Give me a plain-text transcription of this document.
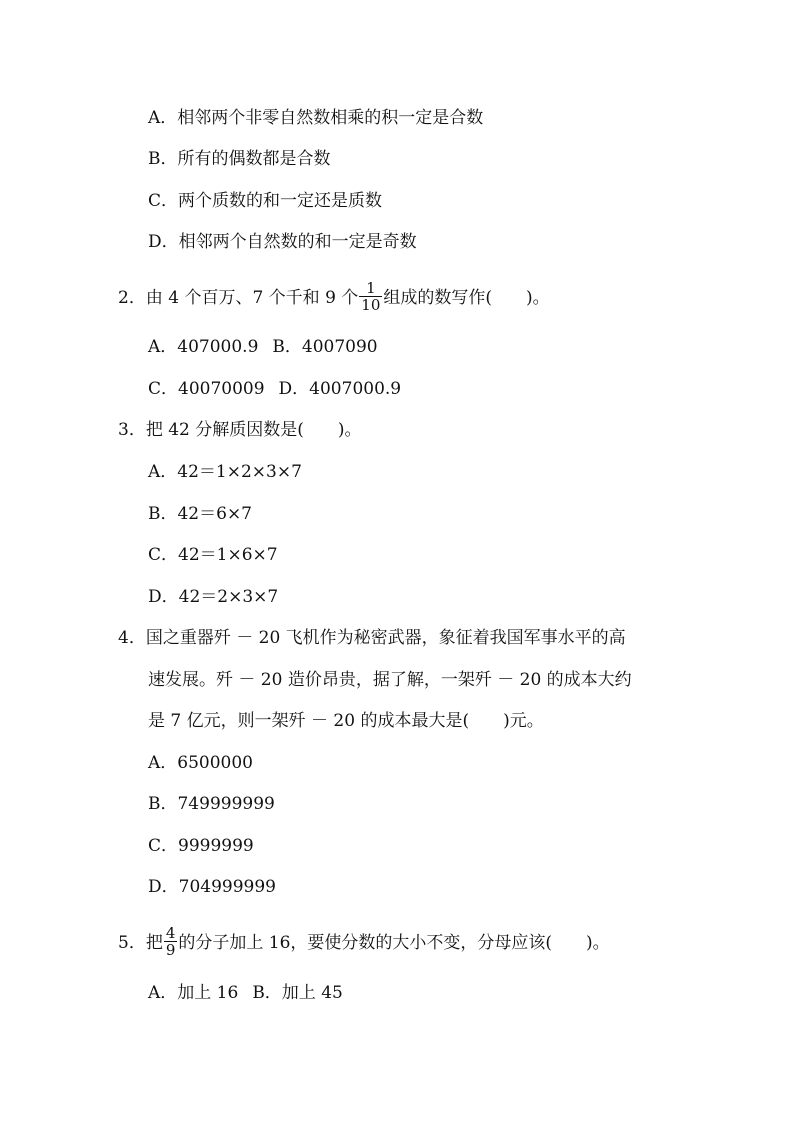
A．相邻两个非零自然数相乘的积一定是合数
B．所有的偶数都是合数
C．两个质数的和一定还是质数
D．相邻两个自然数的和一定是奇数
2．由 4 个百万、7 个千和 9 个 $\frac{1}{10}$ 组成的数写作(　　)。
A．407000.9 B．4007090
C．40070009 D．4007000.9
3．把 42 分解质因数是(　　)。
A．42＝1×2×3×7
B．42＝6×7
C．42＝1×6×7
D．42＝2×3×7
4．国之重器歼 － 20 飞机作为秘密武器，象征着我国军事水平的高
速发展。歼 － 20 造价昂贵，据了解，一架歼 － 20 的成本大约
是 7 亿元，则一架歼 － 20 的成本最大是(　　)元。
A．6500000
B．749999999
C．9999999
D．704999999
5．把 $\frac{4}{9}$ 的分子加上 16，要使分数的大小不变，分母应该(　　)。
A．加上 16 B．加上 45
